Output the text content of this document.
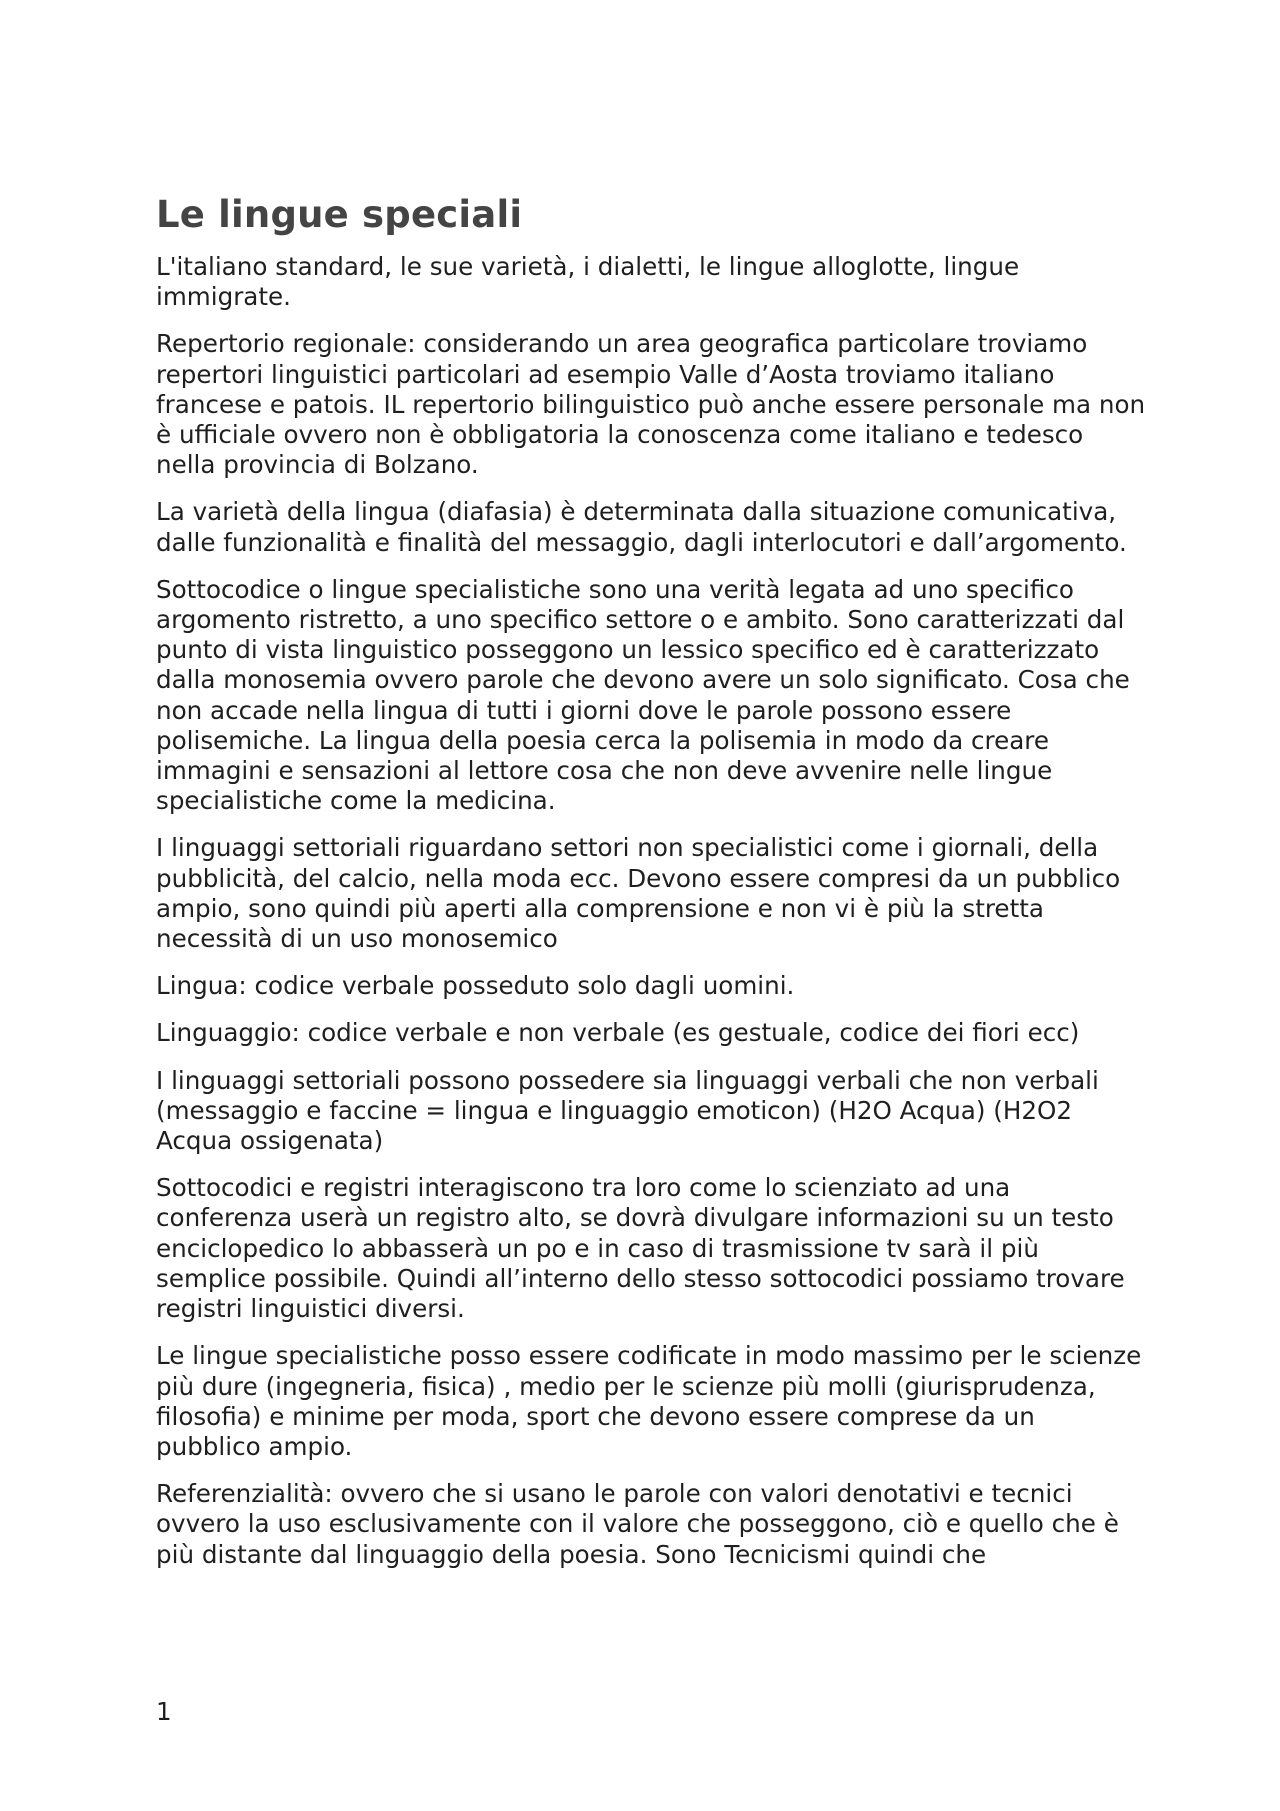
Le lingue speciali

L'italiano standard, le sue varietà, i dialetti, le lingue alloglotte, lingue immigrate.

Repertorio regionale: considerando un area geografica particolare troviamo repertori linguistici particolari ad esempio Valle d’Aosta troviamo italiano francese e patois. IL repertorio bilinguistico può anche essere personale ma non è ufficiale ovvero non è obbligatoria la conoscenza come italiano e tedesco nella provincia di Bolzano.

La varietà della lingua (diafasia) è determinata dalla situazione comunicativa, dalle funzionalità e finalità del messaggio, dagli interlocutori e dall’argomento.

Sottocodice o lingue specialistiche sono una verità legata ad uno specifico argomento ristretto, a uno specifico settore o e ambito. Sono caratterizzati dal punto di vista linguistico posseggono un lessico specifico ed è caratterizzato dalla monosemia ovvero parole che devono avere un solo significato. Cosa che non accade nella lingua di tutti i giorni dove le parole possono essere polisemiche. La lingua della poesia cerca la polisemia in modo da creare immagini e sensazioni al lettore cosa che non deve avvenire nelle lingue specialistiche come la medicina.

I linguaggi settoriali riguardano settori non specialistici come i giornali, della pubblicità, del calcio, nella moda ecc. Devono essere compresi da un pubblico ampio, sono quindi più aperti alla comprensione e non vi è più la stretta necessità di un uso monosemico

Lingua: codice verbale posseduto solo dagli uomini.

Linguaggio: codice verbale e non verbale (es gestuale, codice dei fiori ecc)

I linguaggi settoriali possono possedere sia linguaggi verbali che non verbali (messaggio e faccine = lingua e linguaggio emoticon) (H2O Acqua) (H2O2 Acqua ossigenata)

Sottocodici e registri interagiscono tra loro come lo scienziato ad una conferenza userà un registro alto, se dovrà divulgare informazioni su un testo enciclopedico lo abbasserà un po e in caso di trasmissione tv sarà il più semplice possibile. Quindi all’interno dello stesso sottocodici possiamo trovare registri linguistici diversi.

Le lingue specialistiche posso essere codificate in modo massimo per le scienze più dure (ingegneria, fisica) , medio per le scienze più molli (giurisprudenza, filosofia) e minime per moda, sport che devono essere comprese da un pubblico ampio.

Referenzialità: ovvero che si usano le parole con valori denotativi e tecnici ovvero la uso esclusivamente con il valore che posseggono, ciò e quello che è più distante dal linguaggio della poesia. Sono Tecnicismi quindi che

1
